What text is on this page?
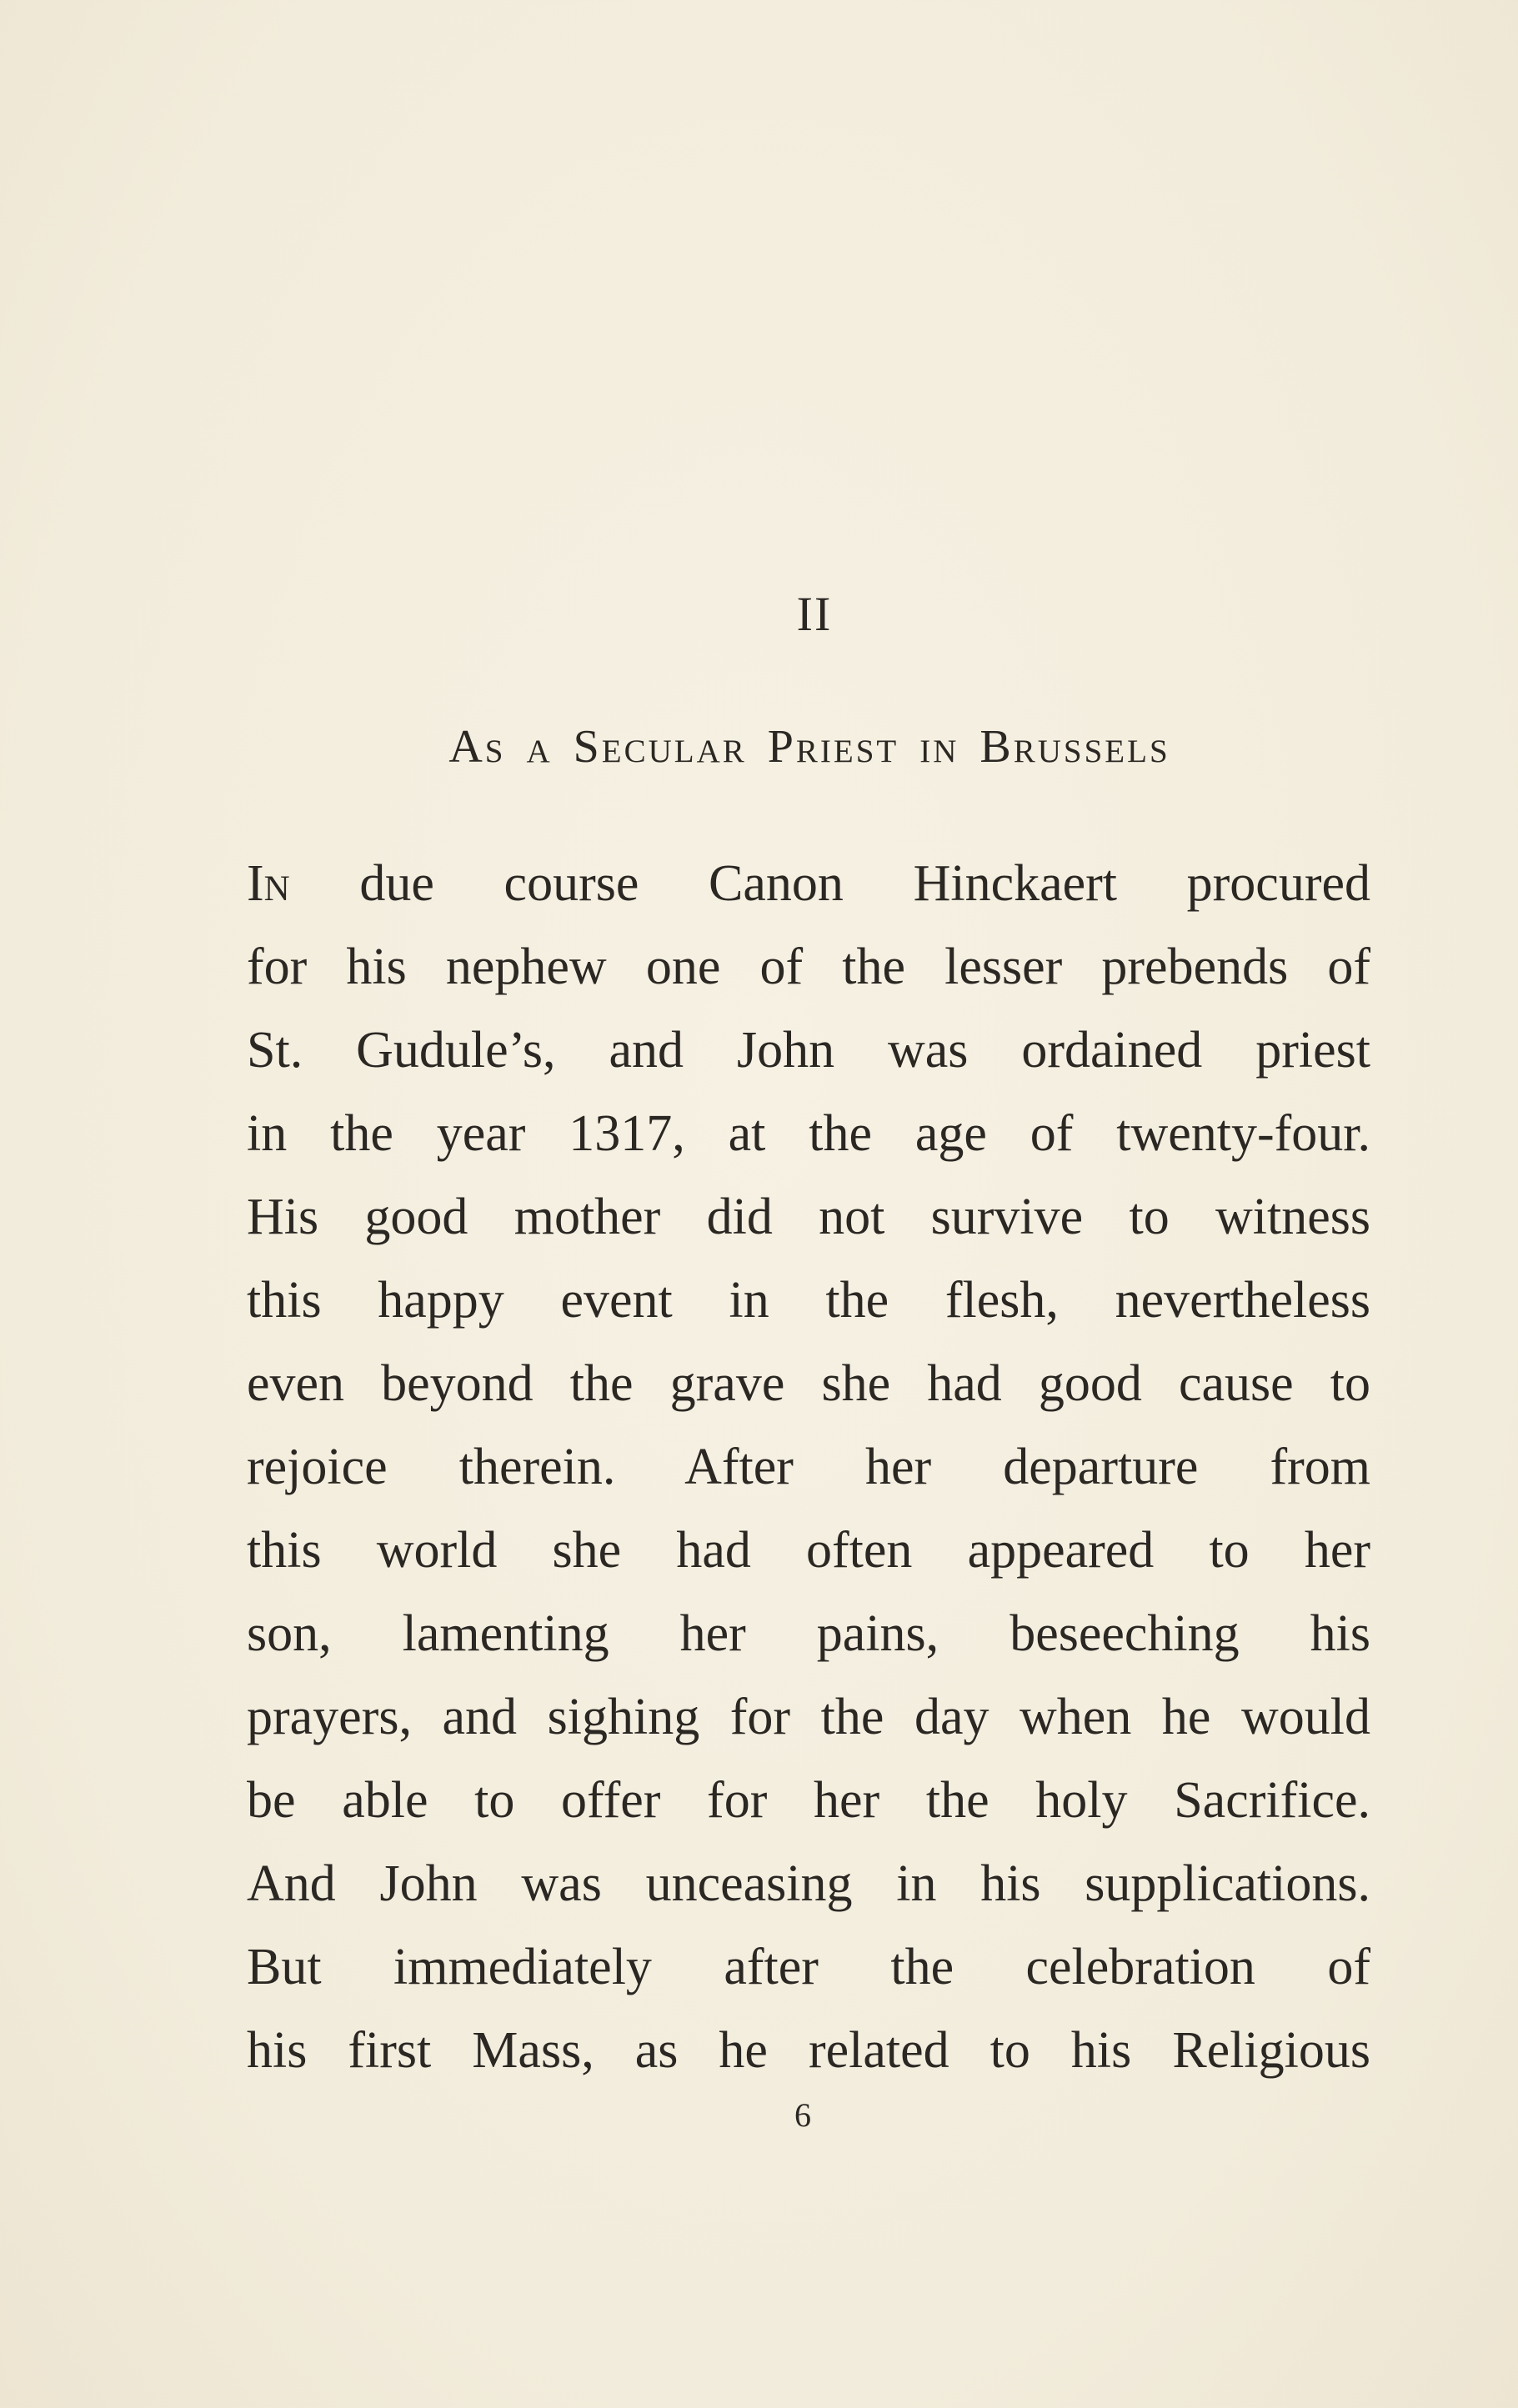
II
As a Secular Priest in Brussels
In due course Canon Hinckaert procured
for his nephew one of the lesser prebends of
St. Gudule’s, and John was ordained priest
in the year 1317, at the age of twenty-four.
His good mother did not survive to witness
this happy event in the flesh, nevertheless
even beyond the grave she had good cause to
rejoice therein. After her departure from
this world she had often appeared to her
son, lamenting her pains, beseeching his
prayers, and sighing for the day when he would
be able to offer for her the holy Sacrifice.
And John was unceasing in his supplications.
But immediately after the celebration of
his first Mass, as he related to his Religious
6
